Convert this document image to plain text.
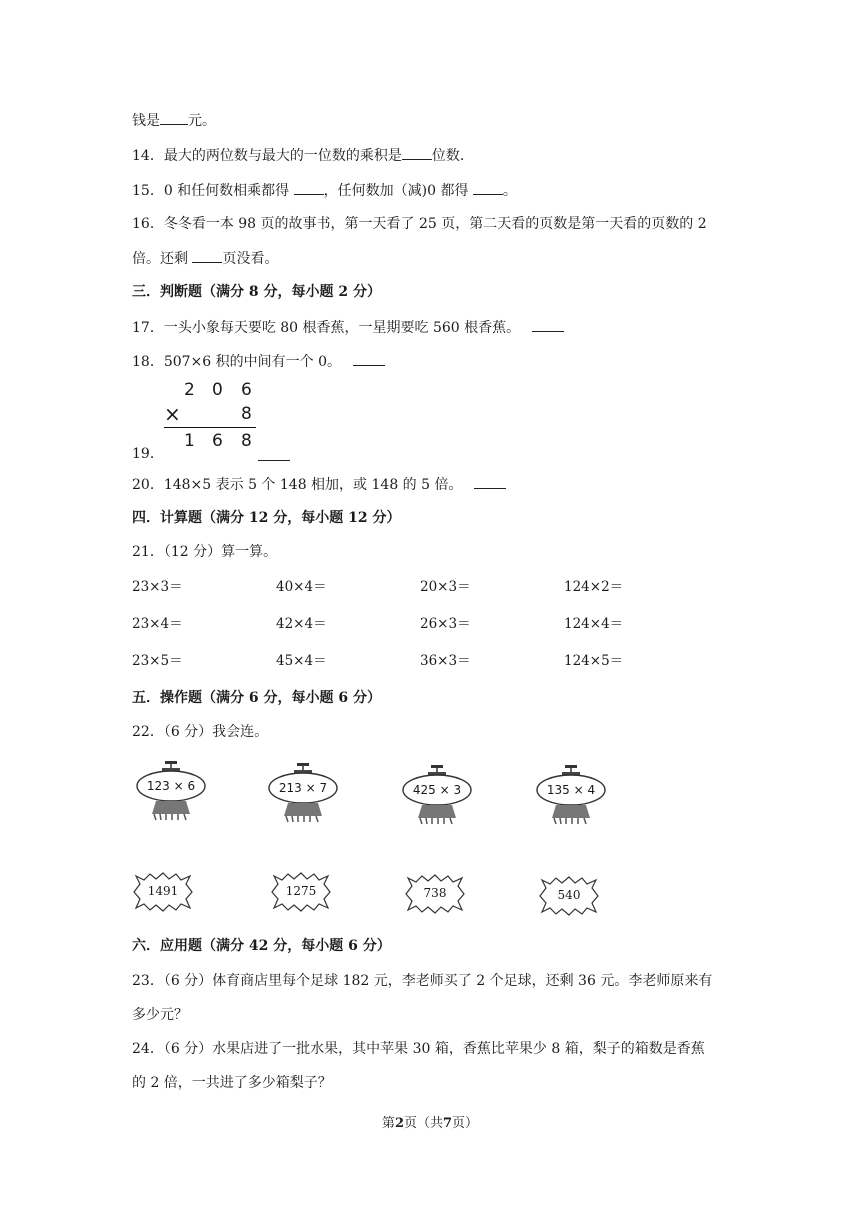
钱是 元。
14．最大的两位数与最大的一位数的乘积是 位数.
15．0 和任何数相乘都得 ，任何数加（减)0 都得 。
16．冬冬看一本 98 页的故事书，第一天看了 25 页，第二天看的页数是第一天看的页数的 2
倍。还剩 页没看。
三．判断题（满分 8 分，每小题 2 分）
17．一头小象每天要吃 80 根香蕉，一星期要吃 560 根香蕉。
18．507×6 积的中间有一个 0。
2 0 6
×	8
1 6 8
19．
20．148×5 表示 5 个 148 相加，或 148 的 5 倍。
四．计算题（满分 12 分，每小题 12 分）
21．（12 分）算一算。
23×3＝	40×4＝	20×3＝	124×2＝
23×4＝	42×4＝	26×3＝	124×4＝
23×5＝	45×4＝	36×3＝	124×5＝
五．操作题（满分 6 分，每小题 6 分）
22．（6 分）我会连。
123 × 6	213 × 7	425 × 3	135 × 4
1491	1275	738	540
六．应用题（满分 42 分，每小题 6 分）
23．（6 分）体育商店里每个足球 182 元，李老师买了 2 个足球，还剩 36 元。李老师原来有
多少元？
24．（6 分）水果店进了一批水果，其中苹果 30 箱，香蕉比苹果少 8 箱，梨子的箱数是香蕉
的 2 倍，一共进了多少箱梨子？
第2页（共7页）
